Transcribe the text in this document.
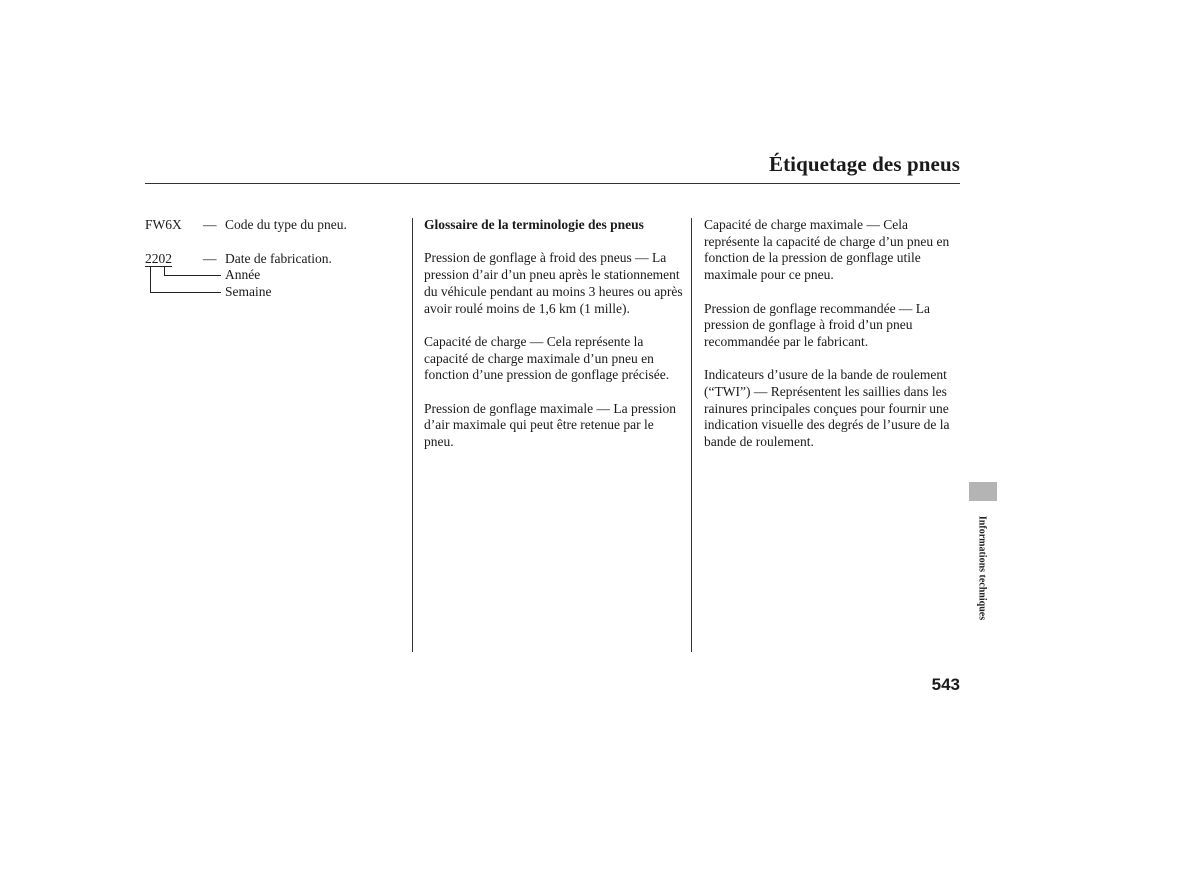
Étiquetage des pneus
FW6X — Code du type du pneu.
2202 — Date de fabrication.
Année
Semaine

Glossaire de la terminologie des pneus

Pression de gonflage à froid des pneus — La pression d’air d’un pneu après le stationnement du véhicule pendant au moins 3 heures ou après avoir roulé moins de 1,6 km (1 mille).

Capacité de charge — Cela représente la capacité de charge maximale d’un pneu en fonction d’une pression de gonflage précisée.

Pression de gonflage maximale — La pression d’air maximale qui peut être retenue par le pneu.

Capacité de charge maximale — Cela représente la capacité de charge d’un pneu en fonction de la pression de gonflage utile maximale pour ce pneu.

Pression de gonflage recommandée — La pression de gonflage à froid d’un pneu recommandée par le fabricant.

Indicateurs d’usure de la bande de roulement (“TWI”) — Représentent les saillies dans les rainures principales conçues pour fournir une indication visuelle des degrés de l’usure de la bande de roulement.

Informations techniques
543
